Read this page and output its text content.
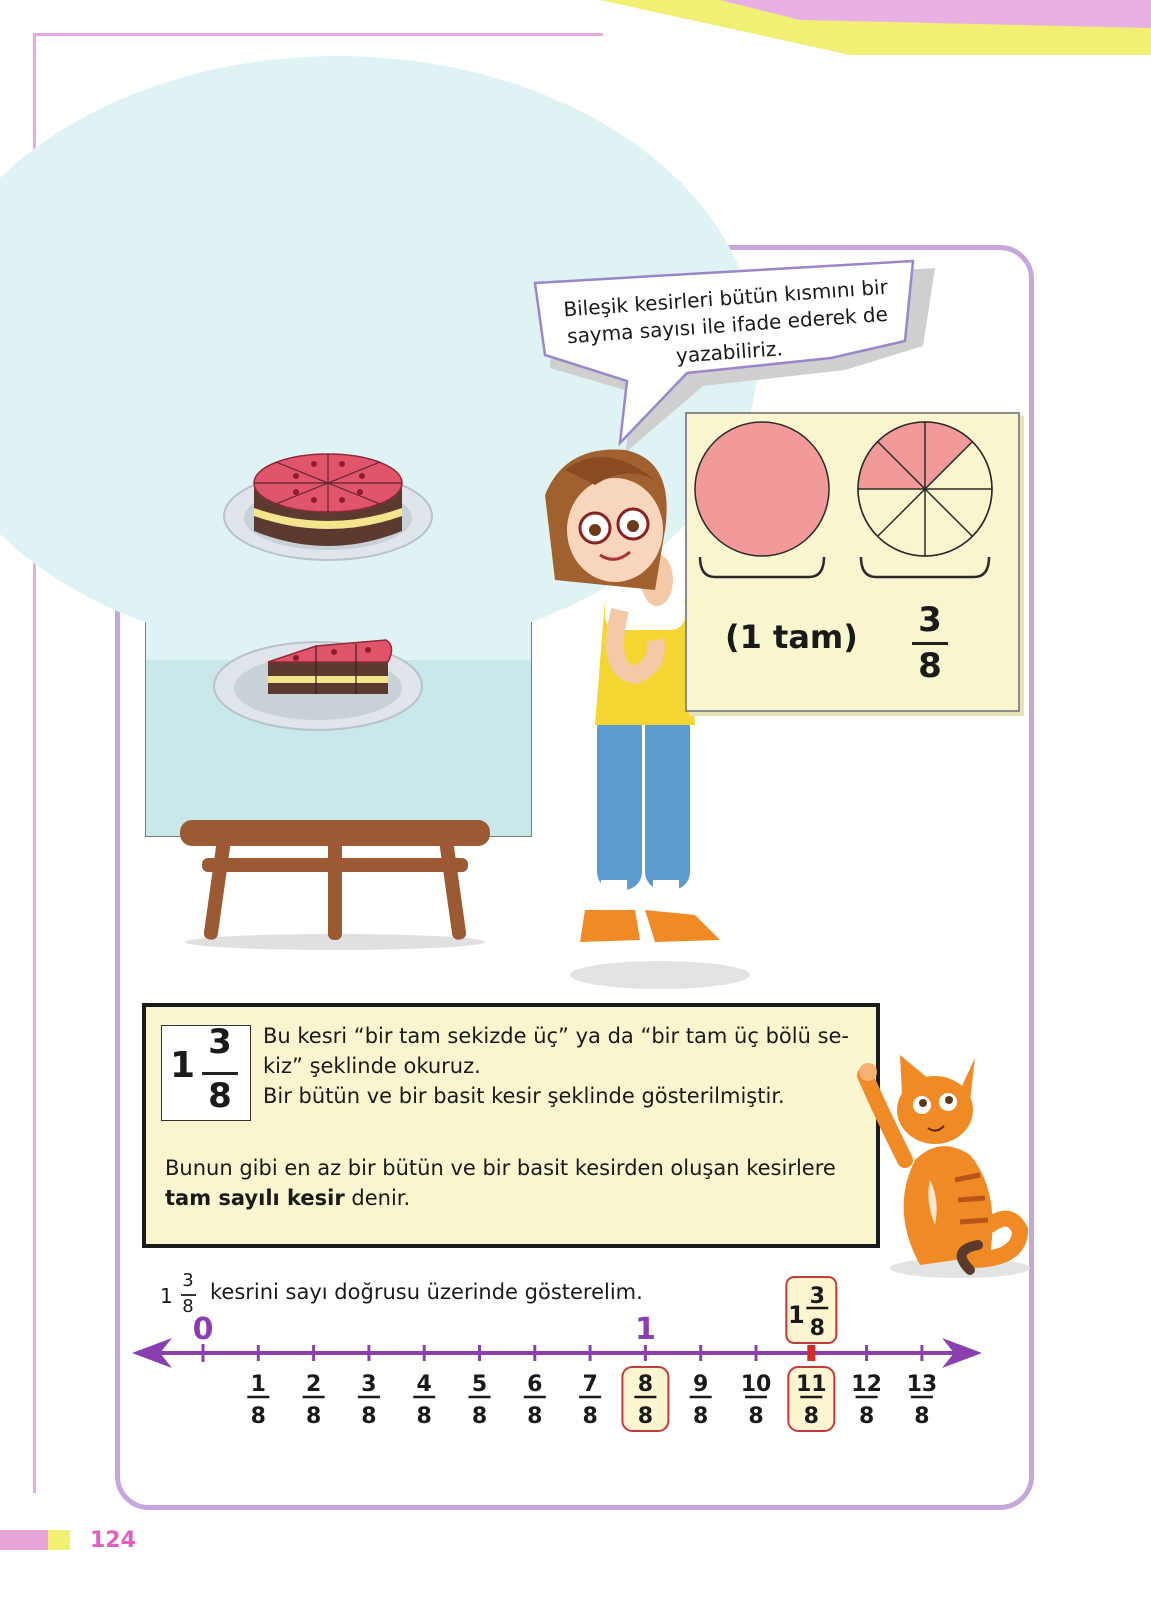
Bileşik kesirleri bütün kısmını bir sayma sayısı ile ifade ederek de yazabiliriz.
(1 tam) 3
8
1
3
8
Bu kesri “bir tam sekizde üç” ya da “bir tam üç bölü se-
kiz” şeklinde okuruz.
Bir bütün ve bir basit kesir şeklinde gösterilmiştir.
Bunun gibi en az bir bütün ve bir basit kesirden oluşan kesirlere
tam sayılı kesir denir.
1
3
8
kesrini sayı doğrusu üzerinde gösterelim.
0	1	1
3
8
1
8
2
8
3
8
4
8
5
8
6
8
7
8
8
8
9
8
10
8
11
8
12
8
13
8
124
